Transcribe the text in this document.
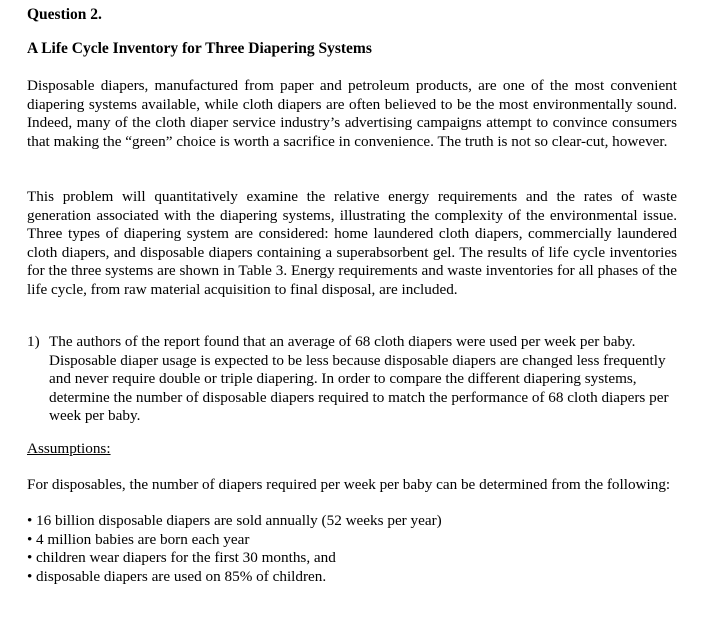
Question 2.
A Life Cycle Inventory for Three Diapering Systems

Disposable diapers, manufactured from paper and petroleum products, are one of the most convenient diapering systems available, while cloth diapers are often believed to be the most environmentally sound. Indeed, many of the cloth diaper service industry’s advertising campaigns attempt to convince consumers that making the “green” choice is worth a sacrifice in convenience. The truth is not so clear-cut, however.

This problem will quantitatively examine the relative energy requirements and the rates of waste generation associated with the diapering systems, illustrating the complexity of the environmental issue. Three types of diapering system are considered: home laundered cloth diapers, commercially laundered cloth diapers, and disposable diapers containing a superabsorbent gel. The results of life cycle inventories for the three systems are shown in Table 3. Energy requirements and waste inventories for all phases of the life cycle, from raw material acquisition to final disposal, are included.

1) The authors of the report found that an average of 68 cloth diapers were used per week per baby. Disposable diaper usage is expected to be less because disposable diapers are changed less frequently and never require double or triple diapering. In order to compare the different diapering systems, determine the number of disposable diapers required to match the performance of 68 cloth diapers per week per baby.
Assumptions:
For disposables, the number of diapers required per week per baby can be determined from the following:
• 16 billion disposable diapers are sold annually (52 weeks per year)
• 4 million babies are born each year
• children wear diapers for the first 30 months, and
• disposable diapers are used on 85% of children.
